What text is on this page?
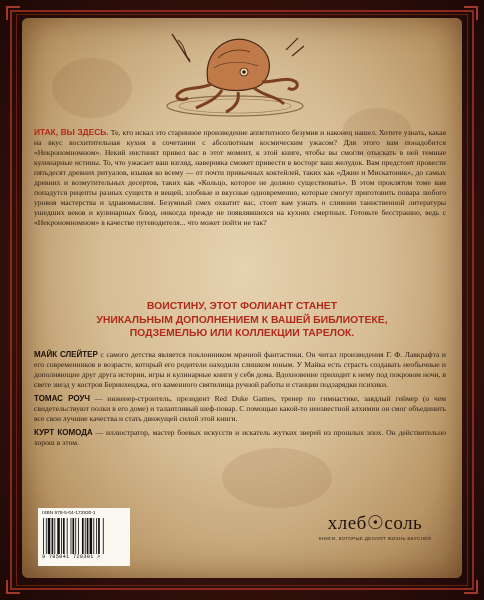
ИТАК, ВЫ ЗДЕСЬ. Те, кто искал это старинное произведение аппетитного безумия и наконец нашел. Хотите узнать, какая на вкус восхитительная кухня в сочетании с абсолютным космическим ужасом? Для этого вам понадобится «Некрономномном». Некий инстинкт привел вас в этот момент, к этой книге, чтобы вы смогли отыскать в ней темные кулинарные истины. То, что ужасает ваш взгляд, наверняка сможет привести в восторг ваш желудок. Вам предстоит провести пятьдесят древних ритуалов, взывая ко всему — от почти привычных коктейлей, таких как «Джин и Мискатоник», до самых древних и возмутительных десертов, таких как «Кольцо, которое не должно существовать». В этом проклятом томе вам попадутся рецепты разных существ и вещей, злобные и вкусные одновременно, которые смогут приготовить повара любого уровня мастерства и здравомыслия. Безумный смех охватит вас, стоит вам узнать о слиянии таинственной литературы ушедших веков и кулинарных блюд, никогда прежде не появлявшихся на кухнях смертных. Готовьте бесстрашно, ведь с «Некрономномном» в качестве путеводителя... что может пойти не так?
ВОИСТИНУ, ЭТОТ ФОЛИАНТ СТАНЕТ
УНИКАЛЬНЫМ ДОПОЛНЕНИЕМ К ВАШЕЙ БИБЛИОТЕКЕ,
ПОДЗЕМЕЛЬЮ ИЛИ КОЛЛЕКЦИИ ТАРЕЛОК.
МАЙК СЛЕЙТЕР с самого детства является поклонником мрачной фантастики. Он читал произведения Г. Ф. Лавкрафта и его современников в возрасте, который его родители находили слишком юным. У Майка есть страсть создавать необычные и дополняющие друг друга истории, игры и кулинарные книги у себя дома. Вдохновение приходит к нему под покровом ночи, в свете звезд у костров Беринхенджа, его каменного святилища ручной работы и станции подзарядки психики.
ТОМАС РОУЧ — инженер-строитель, президент Red Duke Games, тренер по гимнастике, заядлый геймер (о чем свидетельствуют полки в его доме) и талантливый шеф-повар. С помощью какой-то неизвестной алхимии он смог объединить все свои лучшие качества и стать движущей силой этой книги.
КУРТ КОМОДА — иллюстратор, мастер боевых искусств и искатель жутких зверей из прошлых эпох. Он действительно хорош в этом.
ISBN 978-5-04-172930-1
9 785041 729301 >
хлеб☉соль
КНИГИ, КОТОРЫЕ ДЕЛАЮТ ЖИЗНЬ ВКУСНЕЙ
